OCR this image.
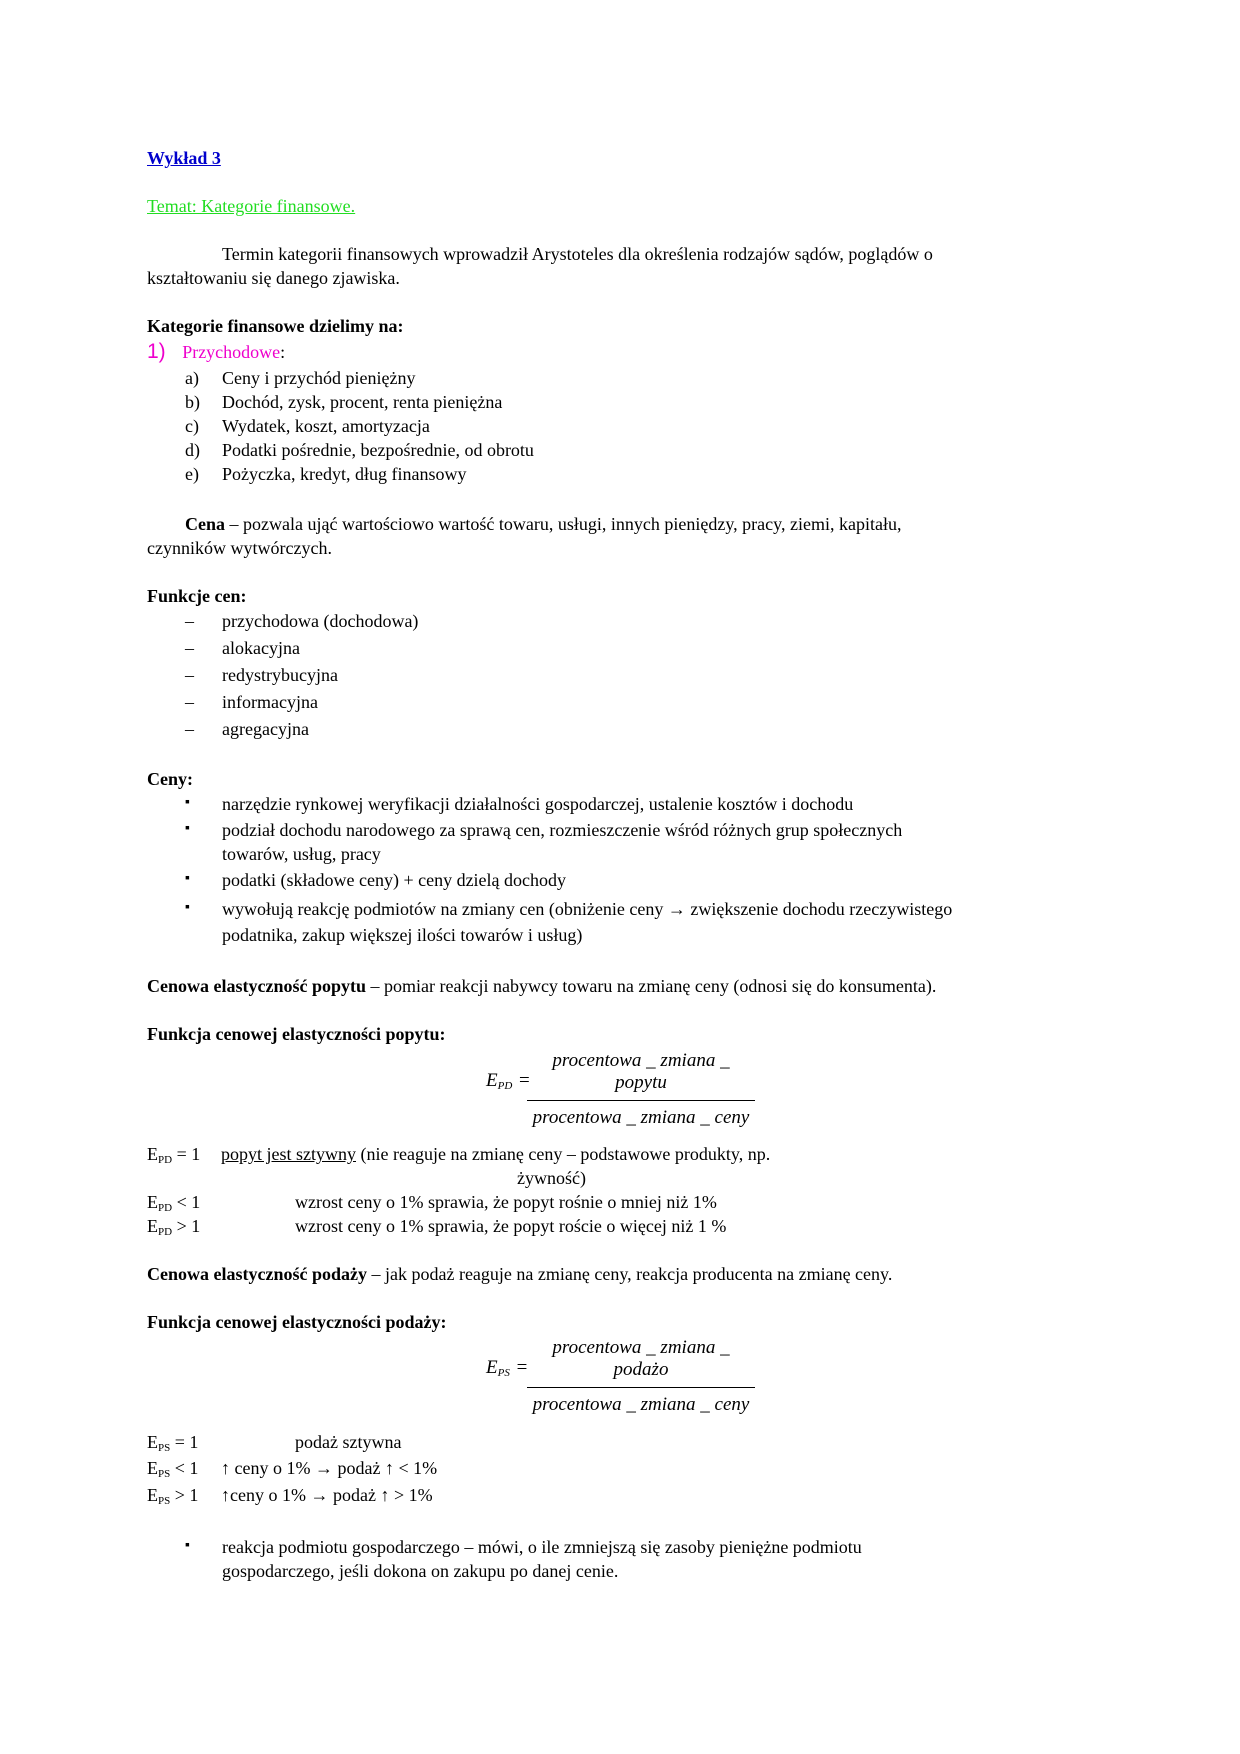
Wykład 3
Temat: Kategorie finansowe.
Termin kategorii finansowych wprowadził Arystoteles dla określenia rodzajów sądów, poglądów o
kształtowaniu się danego zjawiska.
Kategorie finansowe dzielimy na:
1) Przychodowe:
a) Ceny i przychód pieniężny
b) Dochód, zysk, procent, renta pieniężna
c) Wydatek, koszt, amortyzacja
d) Podatki pośrednie, bezpośrednie, od obrotu
e) Pożyczka, kredyt, dług finansowy
Cena – pozwala ująć wartościowo wartość towaru, usługi, innych pieniędzy, pracy, ziemi, kapitału,
czynników wytwórczych.
Funkcje cen:
– przychodowa (dochodowa)
– alokacyjna
– redystrybucyjna
– informacyjna
– agregacyjna
Ceny:
▪ narzędzie rynkowej weryfikacji działalności gospodarczej, ustalenie kosztów i dochodu
▪ podział dochodu narodowego za sprawą cen, rozmieszczenie wśród różnych grup społecznych
towarów, usług, pracy
▪ podatki (składowe ceny) + ceny dzielą dochody
▪ wywołują reakcję podmiotów na zmiany cen (obniżenie ceny → zwiększenie dochodu rzeczywistego
podatnika, zakup większej ilości towarów i usług)
Cenowa elastyczność popytu – pomiar reakcji nabywcy towaru na zmianę ceny (odnosi się do konsumenta).
Funkcja cenowej elastyczności popytu:
$E_{PD}$ =
procentowa _ zmiana _ popytu
procentowa _ zmiana _ ceny
$E_{PD} = 1$ popyt jest sztywny (nie reaguje na zmianę ceny – podstawowe produkty, np.
żywność)
$E_{PD} < 1$	wzrost ceny o 1% sprawia, że popyt rośnie o mniej niż 1%
$E_{PD} > 1$	wzrost ceny o 1% sprawia, że popyt roście o więcej niż 1 %
Cenowa elastyczność podaży – jak podaż reaguje na zmianę ceny, reakcja producenta na zmianę ceny.
Funkcja cenowej elastyczności podaży:
$E_{PS}$ =
procentowa _ zmiana _ podażo
procentowa _ zmiana _ ceny
$E_{PS} = 1$	podaż sztywna
$E_{PS} < 1$ ↑ ceny o 1% → podaż ↑ < 1%
$E_{PS} > 1$ ↑ceny o 1% → podaż ↑ > 1%
▪ reakcja podmiotu gospodarczego – mówi, o ile zmniejszą się zasoby pieniężne podmiotu
gospodarczego, jeśli dokona on zakupu po danej cenie.
